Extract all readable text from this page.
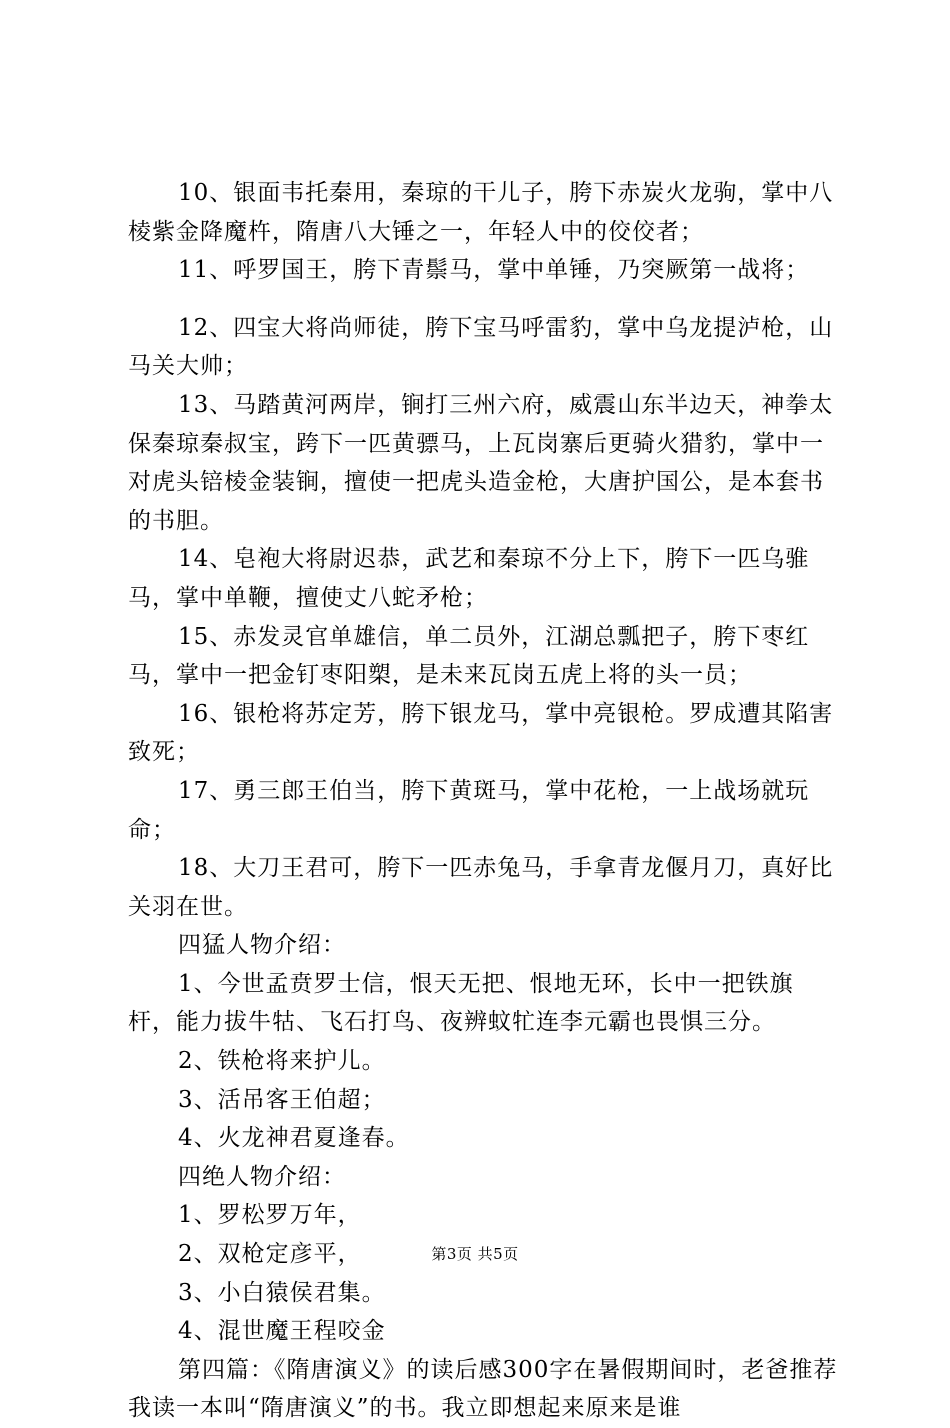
10、银面韦托秦用，秦琼的干儿子，胯下赤炭火龙驹，掌中八棱紫金降魔杵，隋唐八大锤之一，年轻人中的佼佼者；

11、呼罗国王，胯下青鬃马，掌中单锤，乃突厥第一战将；

12、四宝大将尚师徒，胯下宝马呼雷豹，掌中乌龙提泸枪，山马关大帅；

13、马踏黄河两岸，锏打三州六府，威震山东半边天，神拳太保秦琼秦叔宝，跨下一匹黄骠马，上瓦岗寨后更骑火猎豹，掌中一对虎头锫棱金装锏，擅使一把虎头造金枪，大唐护国公，是本套书的书胆。

14、皂袍大将尉迟恭，武艺和秦琼不分上下，胯下一匹乌骓马，掌中单鞭，擅使丈八蛇矛枪；

15、赤发灵官单雄信，单二员外，江湖总瓢把子，胯下枣红马，掌中一把金钉枣阳槊，是未来瓦岗五虎上将的头一员；

16、银枪将苏定芳，胯下银龙马，掌中亮银枪。罗成遭其陷害致死；

17、勇三郎王伯当，胯下黄斑马，掌中花枪，一上战场就玩命；

18、大刀王君可，胯下一匹赤兔马，手拿青龙偃月刀，真好比关羽在世。

四猛人物介绍：

1、今世孟贲罗士信，恨天无把、恨地无环，长中一把铁旗杆，能力拔牛牯、飞石打鸟、夜辨蚊牤连李元霸也畏惧三分。

2、铁枪将来护儿。

3、活吊客王伯超；

4、火龙神君夏逢春。

四绝人物介绍：

1、罗松罗万年，

2、双枪定彦平，

3、小白猿侯君集。

4、混世魔王程咬金

第四篇：《隋唐演义》的读后感300字在暑假期间时，老爸推荐我读一本叫“隋唐演义”的书。我立即想起来原来是谁

第3页 共5页
